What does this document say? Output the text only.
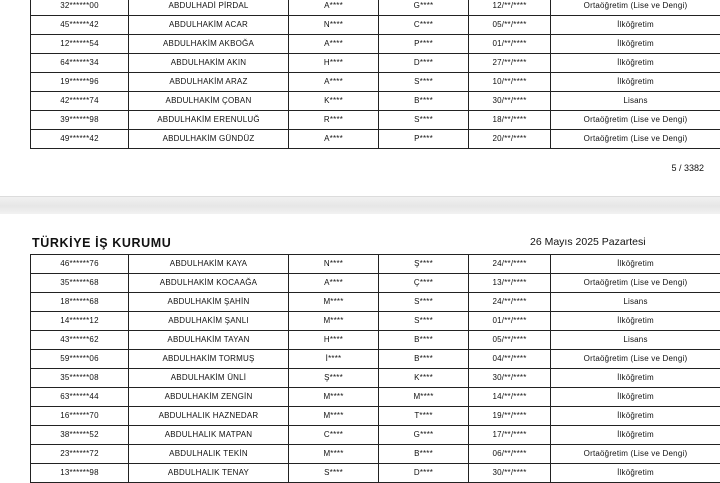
32******00	ABDULHADİ PİRDAL	A****	G****	12/**/****	Ortaöğretim (Lise ve Dengi)
45******42	ABDULHAKİM ACAR	N****	C****	05/**/****	İlköğretim
12******54	ABDULHAKİM AKBOĞA	A****	P****	01/**/****	İlköğretim
64******34	ABDULHAKİM AKIN	H****	D****	27/**/****	İlköğretim
19******96	ABDULHAKİM ARAZ	A****	S****	10/**/****	İlköğretim
42******74	ABDULHAKİM ÇOBAN	K****	B****	30/**/****	Lisans
39******98	ABDULHAKİM ERENULUĞ	R****	S****	18/**/****	Ortaöğretim (Lise ve Dengi)
49******42	ABDULHAKİM GÜNDÜZ	A****	P****	20/**/****	Ortaöğretim (Lise ve Dengi)
5 / 3382
TÜRKİYE İŞ KURUMU	26 Mayıs 2025 Pazartesi
46******76	ABDULHAKİM KAYA	N****	Ş****	24/**/****	İlköğretim
35******68	ABDULHAKİM KOCAAĞA	A****	Ç****	13/**/****	Ortaöğretim (Lise ve Dengi)
18******68	ABDULHAKİM ŞAHİN	M****	S****	24/**/****	Lisans
14******12	ABDULHAKİM ŞANLI	M****	S****	01/**/****	İlköğretim
43******62	ABDULHAKİM TAYAN	H****	B****	05/**/****	Lisans
59******06	ABDULHAKİM TORMUŞ	İ****	B****	04/**/****	Ortaöğretim (Lise ve Dengi)
35******08	ABDULHAKİM ÜNLİ	Ş****	K****	30/**/****	İlköğretim
63******44	ABDULHAKİM ZENGİN	M****	M****	14/**/****	İlköğretim
16******70	ABDULHALIK HAZNEDAR	M****	T****	19/**/****	İlköğretim
38******52	ABDULHALIK MATPAN	C****	G****	17/**/****	İlköğretim
23******72	ABDULHALIK TEKİN	M****	B****	06/**/****	Ortaöğretim (Lise ve Dengi)
13******98	ABDULHALIK TENAY	S****	D****	30/**/****	İlköğretim
